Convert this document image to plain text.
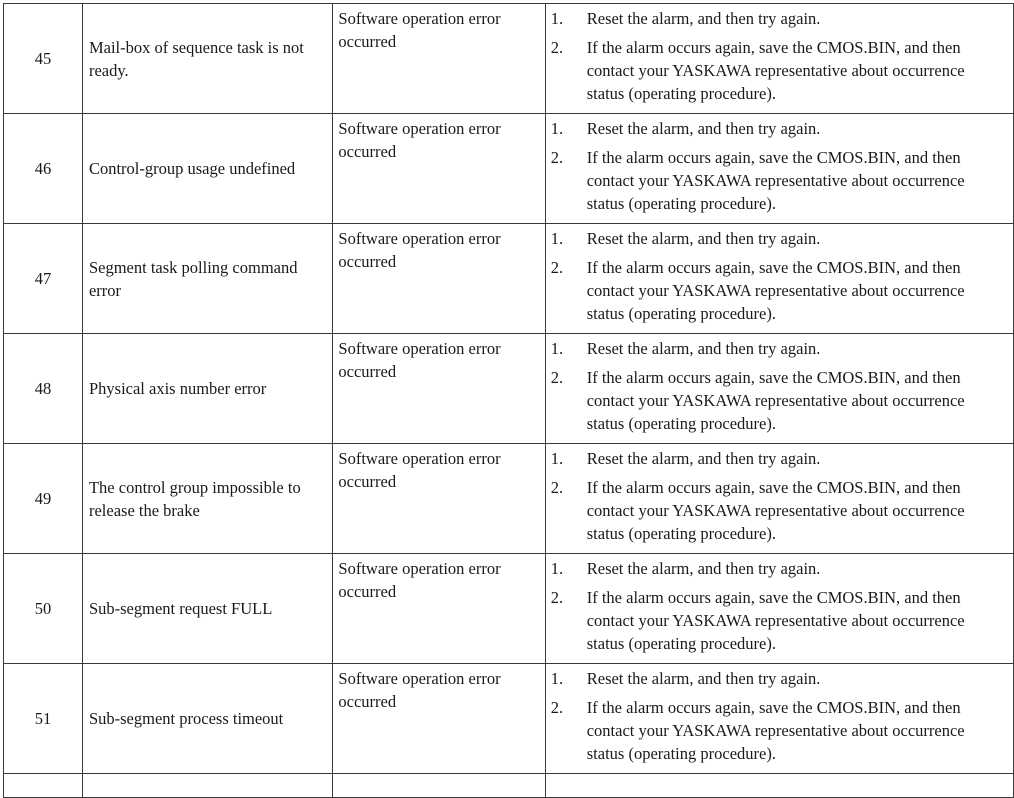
45	Mail-box of sequence task is not ready.	Software operation error occurred	1. Reset the alarm, and then try again.
2. If the alarm occurs again, save the CMOS.BIN, and then contact your YASKAWA representative about occurrence status (operating procedure).

46	Control-group usage undefined	Software operation error occurred	1. Reset the alarm, and then try again.
2. If the alarm occurs again, save the CMOS.BIN, and then contact your YASKAWA representative about occurrence status (operating procedure).

47	Segment task polling command error	Software operation error occurred	1. Reset the alarm, and then try again.
2. If the alarm occurs again, save the CMOS.BIN, and then contact your YASKAWA representative about occurrence status (operating procedure).

48	Physical axis number error	Software operation error occurred	1. Reset the alarm, and then try again.
2. If the alarm occurs again, save the CMOS.BIN, and then contact your YASKAWA representative about occurrence status (operating procedure).

49	The control group impossible to release the brake	Software operation error occurred	1. Reset the alarm, and then try again.
2. If the alarm occurs again, save the CMOS.BIN, and then contact your YASKAWA representative about occurrence status (operating procedure).

50	Sub-segment request FULL	Software operation error occurred	1. Reset the alarm, and then try again.
2. If the alarm occurs again, save the CMOS.BIN, and then contact your YASKAWA representative about occurrence status (operating procedure).

51	Sub-segment process timeout	Software operation error occurred	1. Reset the alarm, and then try again.
2. If the alarm occurs again, save the CMOS.BIN, and then contact your YASKAWA representative about occurrence status (operating procedure).
